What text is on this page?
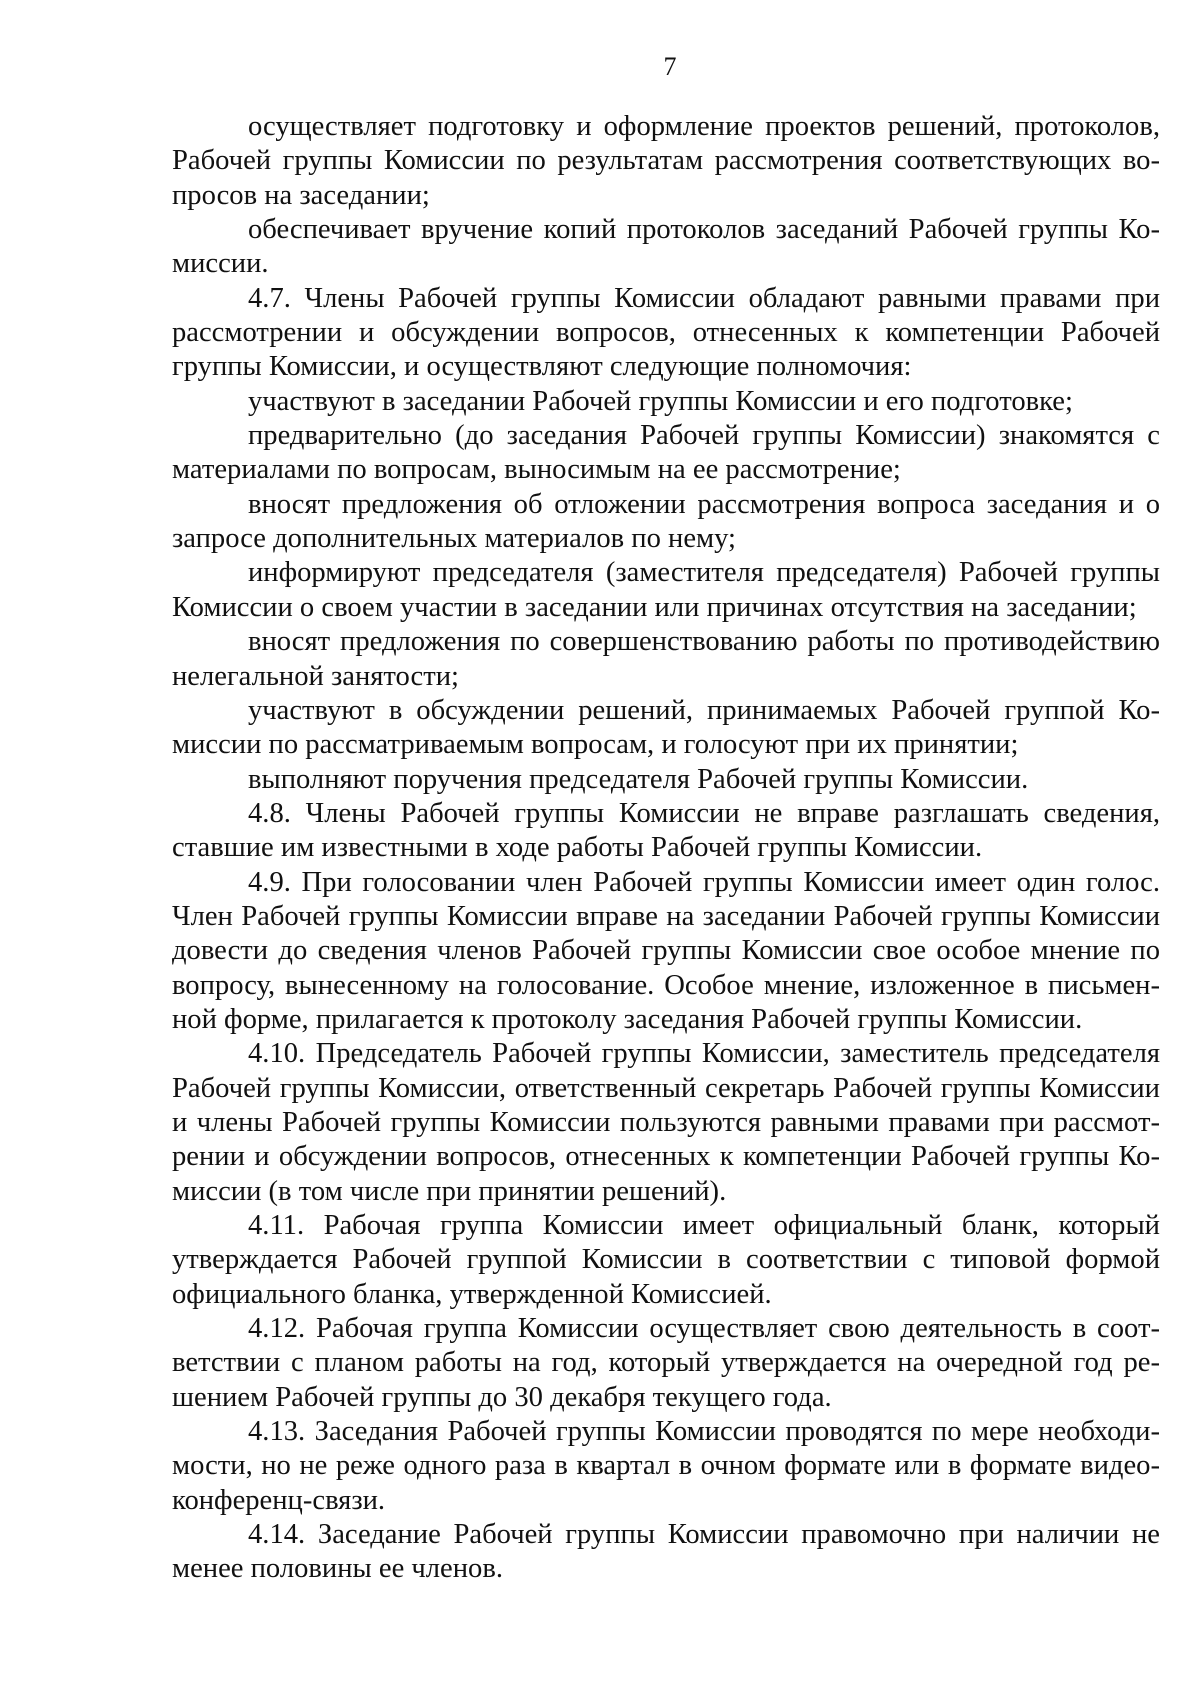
7

осуществляет подготовку и оформление проектов решений, протоколов, Рабочей группы Комиссии по результатам рассмотрения соответствующих вопросов на заседании;

обеспечивает вручение копий протоколов заседаний Рабочей группы Комиссии.

4.7. Члены Рабочей группы Комиссии обладают равными правами при рассмотрении и обсуждении вопросов, отнесенных к компетенции Рабочей группы Комиссии, и осуществляют следующие полномочия:

участвуют в заседании Рабочей группы Комиссии и его подготовке;

предварительно (до заседания Рабочей группы Комиссии) знакомятся с материалами по вопросам, выносимым на ее рассмотрение;

вносят предложения об отложении рассмотрения вопроса заседания и о запросе дополнительных материалов по нему;

информируют председателя (заместителя председателя) Рабочей группы Комиссии о своем участии в заседании или причинах отсутствия на заседании;

вносят предложения по совершенствованию работы по противодействию нелегальной занятости;

участвуют в обсуждении решений, принимаемых Рабочей группой Комиссии по рассматриваемым вопросам, и голосуют при их принятии;

выполняют поручения председателя Рабочей группы Комиссии.

4.8. Члены Рабочей группы Комиссии не вправе разглашать сведения, ставшие им известными в ходе работы Рабочей группы Комиссии.

4.9. При голосовании член Рабочей группы Комиссии имеет один голос. Член Рабочей группы Комиссии вправе на заседании Рабочей группы Комиссии довести до сведения членов Рабочей группы Комиссии свое особое мнение по вопросу, вынесенному на голосование. Особое мнение, изложенное в письменной форме, прилагается к протоколу заседания Рабочей группы Комиссии.

4.10. Председатель Рабочей группы Комиссии, заместитель председателя Рабочей группы Комиссии, ответственный секретарь Рабочей группы Комиссии и члены Рабочей группы Комиссии пользуются равными правами при рассмотрении и обсуждении вопросов, отнесенных к компетенции Рабочей группы Комиссии (в том числе при принятии решений).

4.11. Рабочая группа Комиссии имеет официальный бланк, который утверждается Рабочей группой Комиссии в соответствии с типовой формой официального бланка, утвержденной Комиссией.

4.12. Рабочая группа Комиссии осуществляет свою деятельность в соответствии с планом работы на год, который утверждается на очередной год решением Рабочей группы до 30 декабря текущего года.

4.13. Заседания Рабочей группы Комиссии проводятся по мере необходимости, но не реже одного раза в квартал в очном формате или в формате видеоконференц-связи.

4.14. Заседание Рабочей группы Комиссии правомочно при наличии не менее половины ее членов.
